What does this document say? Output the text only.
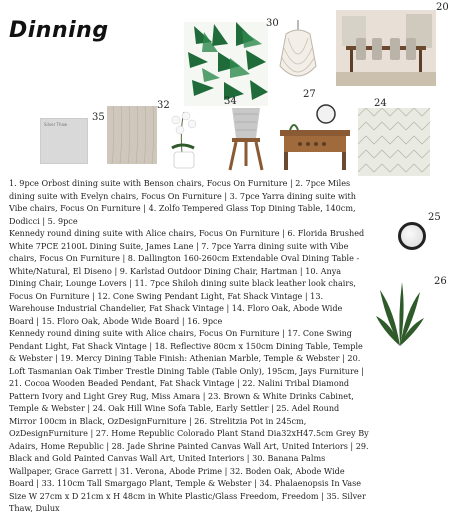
Dinning	30
20
Silver Thaw
35
32	34
27
24
25
26
1. 9pce Orbost dining suite with Benson chairs, Focus On Furniture | 2. 7pce Miles dining suite with Evelyn chairs, Focus On Furniture | 3. 7pce Yarra dining suite with Vibe chairs, Focus On Furniture | 4. Zolfo Tempered Glass Top Dining Table, 140cm, Dodicci | 5. 9pce
Kennedy round dining suite with Alice chairs, Focus On Furniture | 6. Florida Brushed White 7PCE 2100L Dining Suite, James Lane | 7. 7pce Yarra dining suite with Vibe chairs, Focus On Furniture | 8. Dallington 160-260cm Extendable Oval Dining Table - White/Natural, El Diseno | 9. Karlstad Outdoor Dining Chair, Hartman | 10. Anya Dining Chair, Lounge Lovers | 11. 7pce Shiloh dining suite black leather look chairs, Focus On Furniture | 12. Cone Swing Pendant Light, Fat Shack Vintage | 13. Warehouse Industrial Chandelier, Fat Shack Vintage | 14. Floro Oak, Abode Wide Board | 15. Floro Oak, Abode Wide Board | 16. 9pce
Kennedy round dining suite with Alice chairs, Focus On Furniture | 17. Cone Swing Pendant Light, Fat Shack Vintage | 18. Reflective 80cm x 150cm Dining Table, Temple & Webster | 19. Mercy Dining Table Finish: Athenian Marble, Temple & Webster | 20. Loft Tasmanian Oak Timber Trestle Dining Table (Table Only), 195cm, Jays Furniture | 21. Cocoa Wooden Beaded Pendant, Fat Shack Vintage | 22. Nalini Tribal Diamond Pattern Ivory and Light Grey Rug, Miss Amara | 23. Brown & White Drinks Cabinet, Temple & Webster | 24. Oak Hill Wine Sofa Table, Early Settler | 25. Adel Round Mirror 100cm in Black, OzDesignFurniture | 26. Strelitzia Pot in 245cm, OzDesignFurniture | 27. Home Republic Colorado Plant Stand Dia32xH47.5cm Grey By Adairs, Home Republic | 28. Jade Shrine Painted Canvas Wall Art, United Interiors | 29. Black and Gold Painted Canvas Wall Art, United Interiors | 30. Banana Palms Wallpaper, Grace Garrett | 31. Verona, Abode Prime | 32. Boden Oak, Abode Wide Board | 33. 110cm Tall Smargago Plant, Temple & Webster | 34. Phalaenopsis In Vase Size W 27cm x D 21cm x H 48cm in White Plastic/Glass Freedom, Freedom | 35. Silver Thaw, Dulux
